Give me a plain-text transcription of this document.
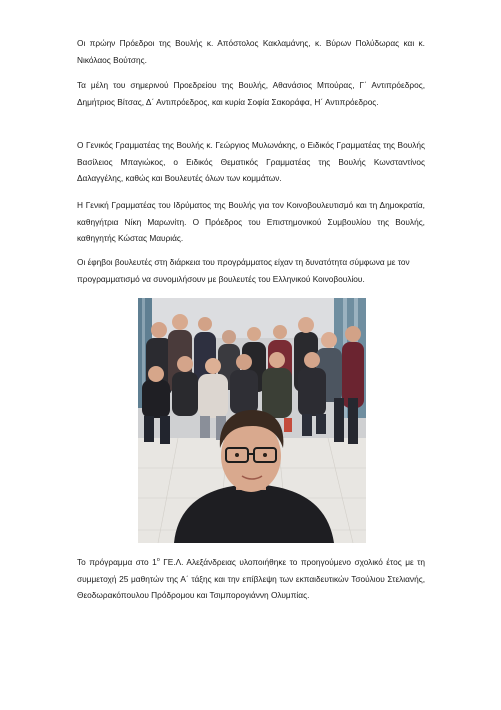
Οι πρώην Πρόεδροι της Βουλής κ. Απόστολος Κακλαμάνης, κ. Βύρων Πολύδωρας και κ. Νικόλαος Βούτσης.

Τα μέλη του σημερινού Προεδρείου της Βουλής, Αθανάσιος Μπούρας, Γ΄ Αντιπρόεδρος, Δημήτριος Βίτσας, Δ΄ Αντιπρόεδρος, και κυρία Σοφία Σακοράφα, Η΄ Αντιπρόεδρος.

Ο Γενικός Γραμματέας της Βουλής κ. Γεώργιος Μυλωνάκης, ο Ειδικός Γραμματέας της Βουλής Βασίλειος Μπαγιώκος, ο Ειδικός Θεματικός Γραμματέας της Βουλής Κωνσταντίνος Δαλαγγέλης, καθώς και Βουλευτές όλων των κομμάτων.

Η Γενική Γραμματέας του Ιδρύματος της Βουλής για τον Κοινοβουλευτισμό και τη Δημοκρατία, καθηγήτρια Νίκη Μαρωνίτη. Ο Πρόεδρος του Επιστημονικού Συμβουλίου της Βουλής, καθηγητής Κώστας Μαυριάς.

Οι έφηβοι βουλευτές στη διάρκεια του προγράμματος είχαν τη δυνατότητα σύμφωνα με τον προγραμματισμό να συνομιλήσουν με βουλευτές του Ελληνικού Κοινοβουλίου.

Το πρόγραμμα στο $1^o$ ΓΕ.Λ. Αλεξάνδρειας υλοποιήθηκε το προηγούμενο σχολικό έτος με τη συμμετοχή 25 μαθητών της Α΄ τάξης και την επίβλεψη των εκπαιδευτικών Τσούλιου Στελιανής, Θεοδωρακόπουλου Πρόδρομου και Τσιμπορογιάννη Ολυμπίας.
